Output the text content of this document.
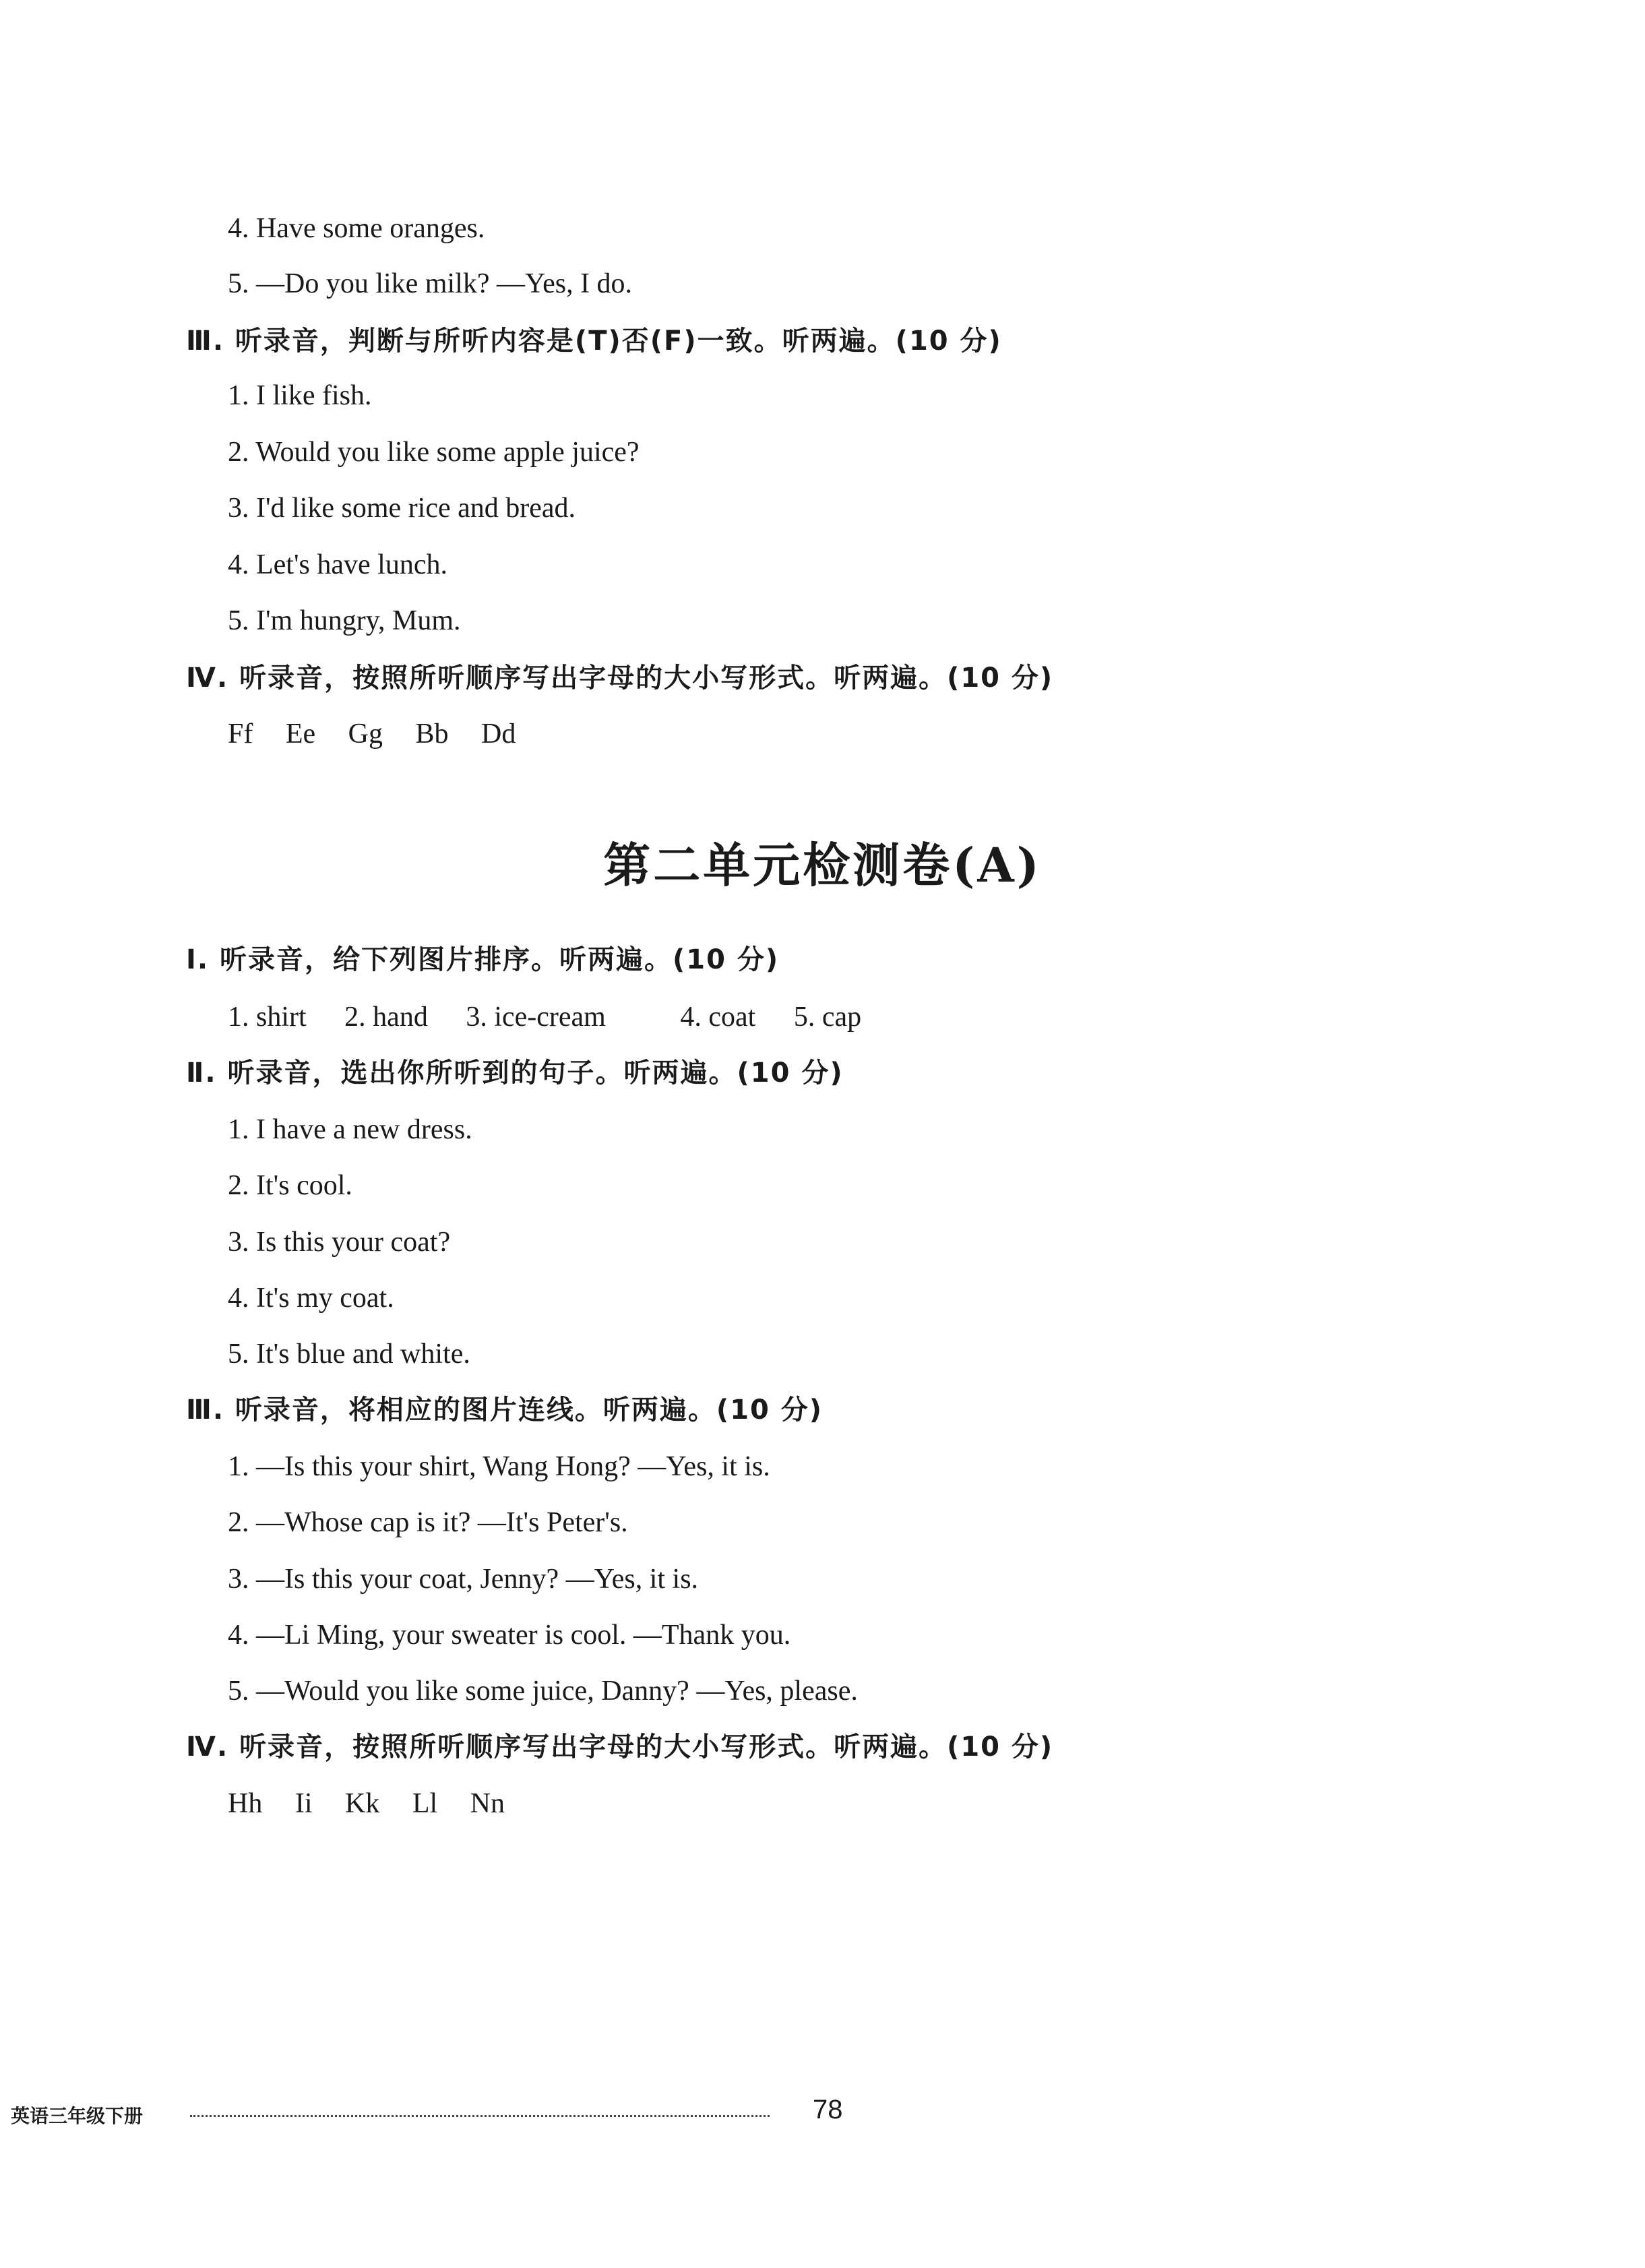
4. Have some oranges.
5. —Do you like milk? —Yes, I do.
Ⅲ. 听录音，判断与所听内容是(T)否(F)一致。听两遍。(10 分)
1. I like fish.
2. Would you like some apple juice?
3. I'd like some rice and bread.
4. Let's have lunch.
5. I'm hungry, Mum.
Ⅳ. 听录音，按照所听顺序写出字母的大小写形式。听两遍。(10 分)
Ff Ee Gg Bb Dd
第二单元检测卷(A)
Ⅰ. 听录音，给下列图片排序。听两遍。(10 分)
1. shirt 2. hand 3. ice-cream	4. coat 5. cap
Ⅱ. 听录音，选出你所听到的句子。听两遍。(10 分)
1. I have a new dress.
2. It's cool.
3. Is this your coat?
4. It's my coat.
5. It's blue and white.
Ⅲ. 听录音，将相应的图片连线。听两遍。(10 分)
1. —Is this your shirt, Wang Hong? —Yes, it is.
2. —Whose cap is it? —It's Peter's.
3. —Is this your coat, Jenny? —Yes, it is.
4. —Li Ming, your sweater is cool. —Thank you.
5. —Would you like some juice, Danny? —Yes, please.
Ⅳ. 听录音，按照所听顺序写出字母的大小写形式。听两遍。(10 分)
Hh Ii Kk Ll Nn
英语三年级下册	78
